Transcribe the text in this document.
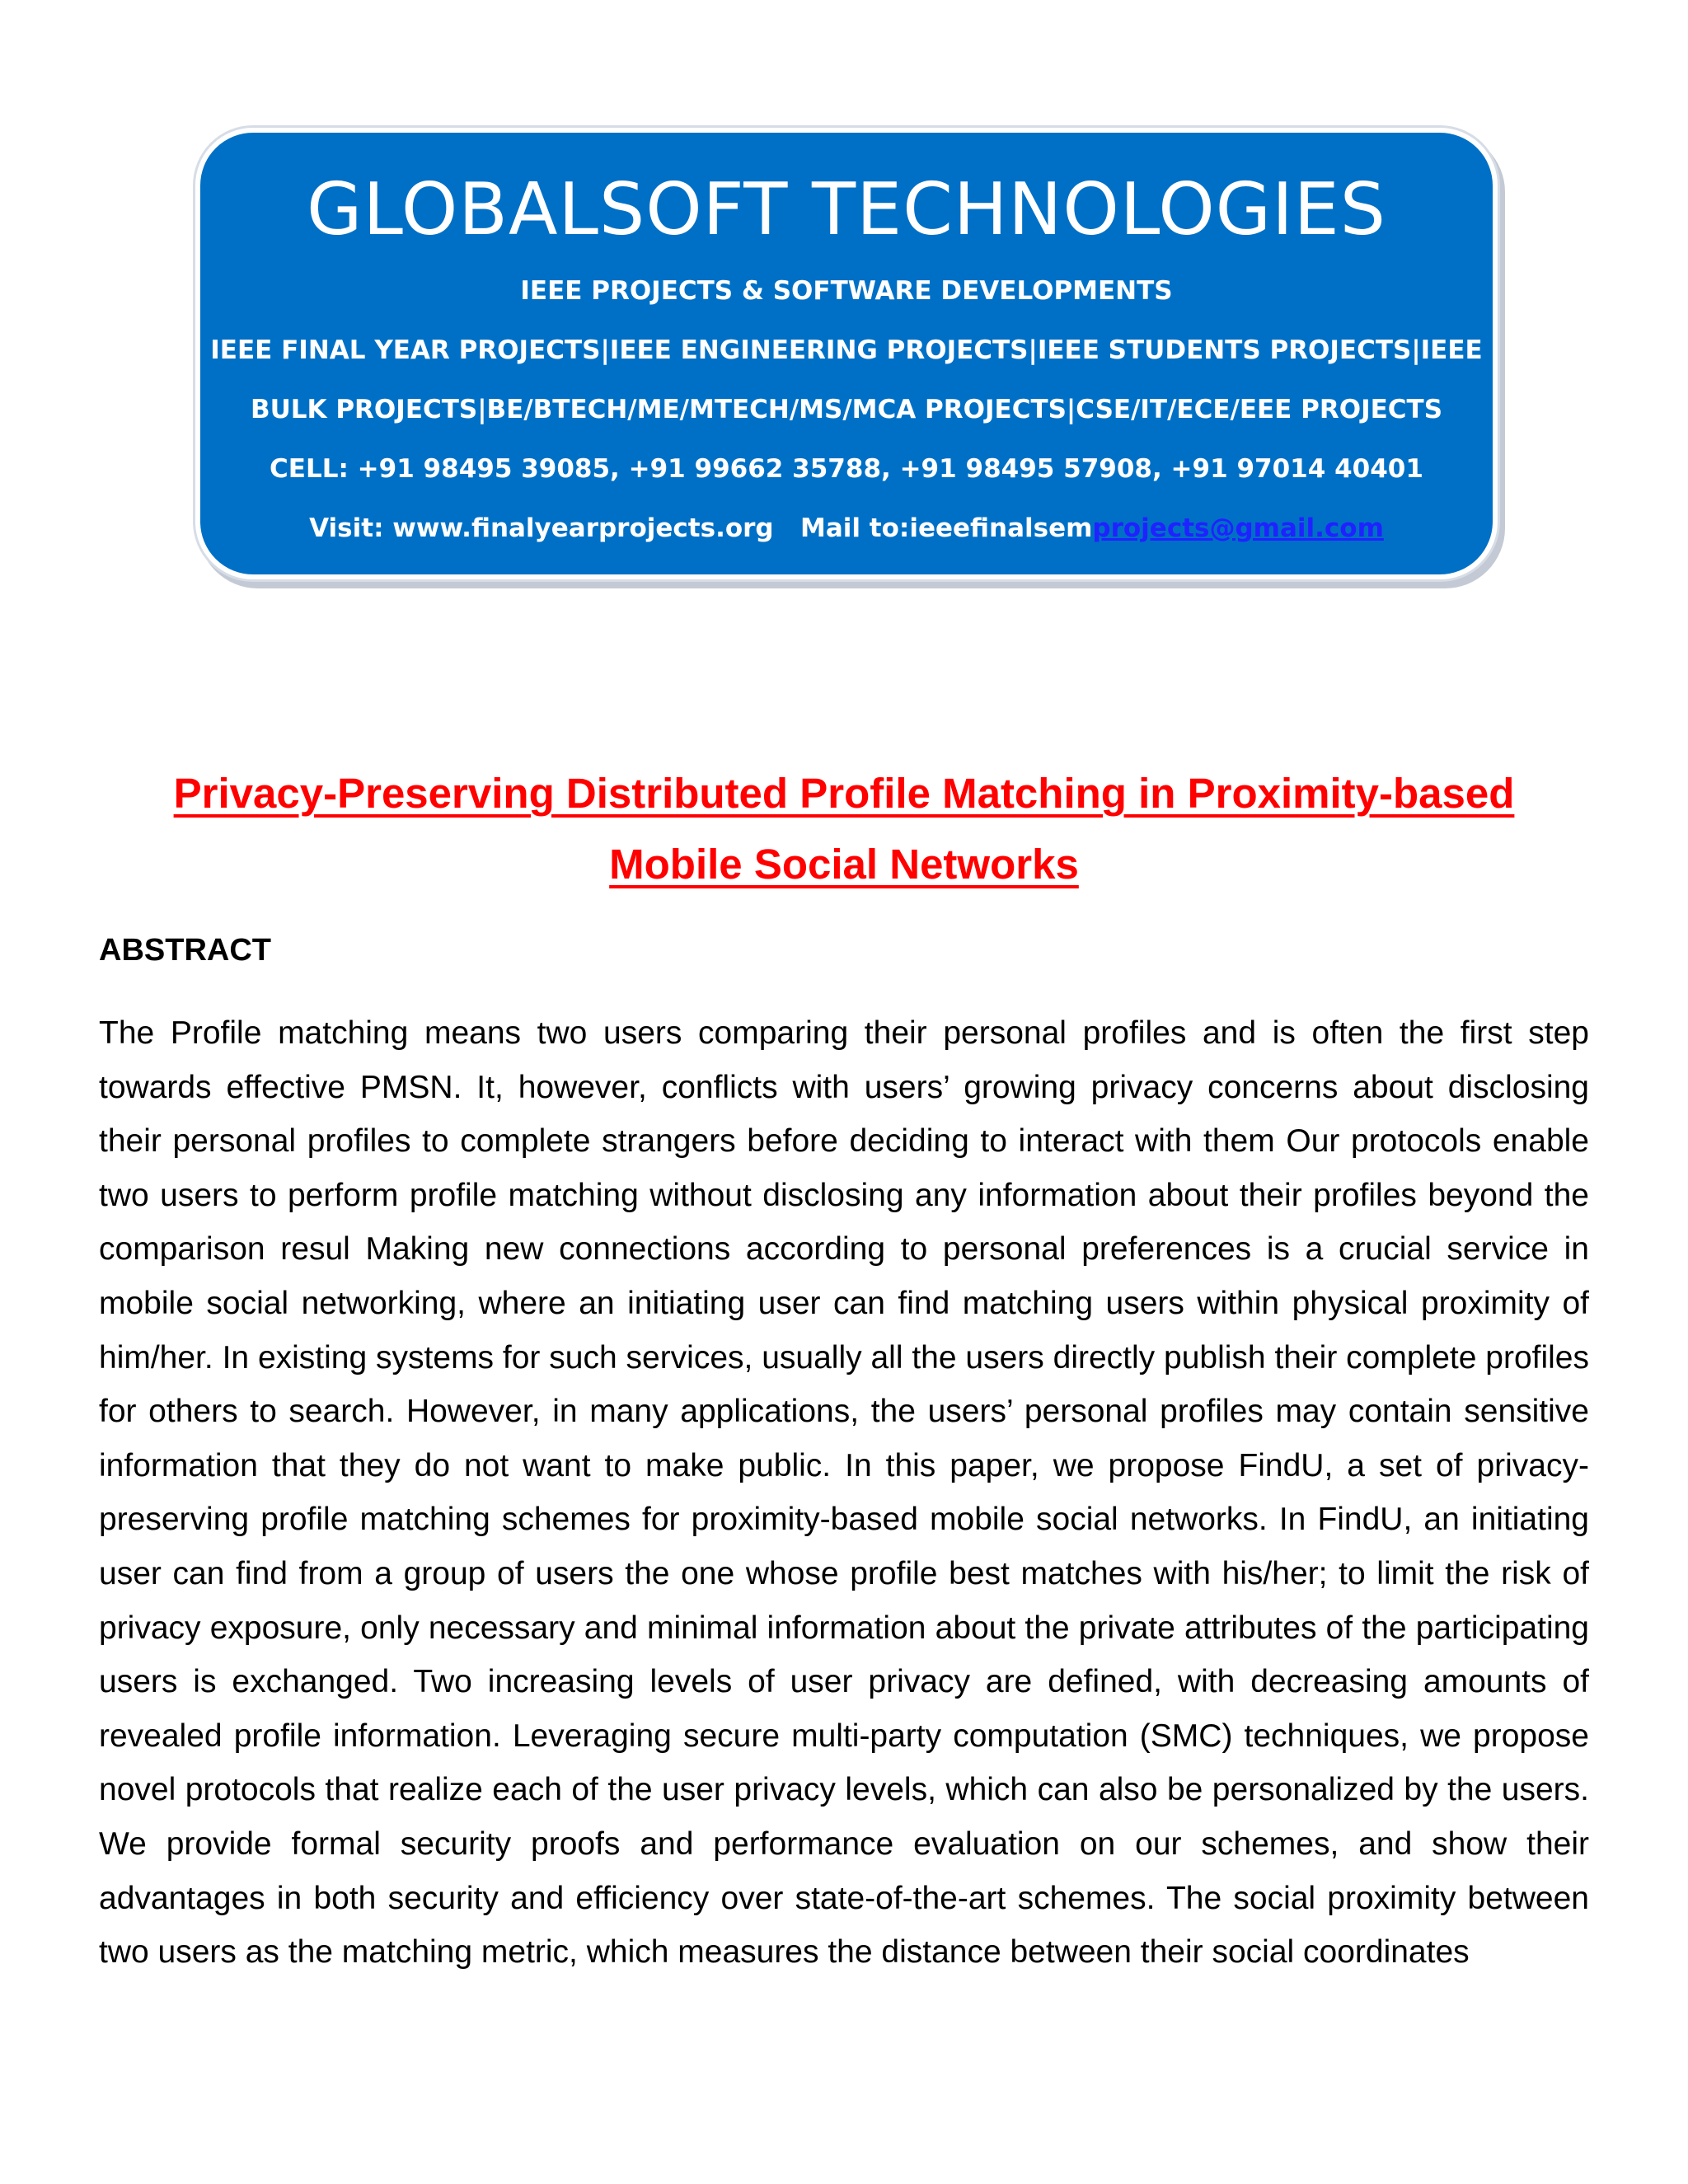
GLOBALSOFT TECHNOLOGIES
IEEE PROJECTS & SOFTWARE DEVELOPMENTS
IEEE FINAL YEAR PROJECTS|IEEE ENGINEERING PROJECTS|IEEE STUDENTS PROJECTS|IEEE
BULK PROJECTS|BE/BTECH/ME/MTECH/MS/MCA PROJECTS|CSE/IT/ECE/EEE PROJECTS
CELL: +91 98495 39085, +91 99662 35788, +91 98495 57908, +91 97014 40401
Visit: www.finalyearprojects.org   Mail to:ieeefinalsemprojects@gmail.com
Privacy-Preserving Distributed Profile Matching in Proximity-based
Mobile Social Networks
ABSTRACT

The Profile matching means two users comparing their personal profiles and is often the first step towards effective PMSN. It, however, conflicts with users’ growing privacy concerns about disclosing their personal profiles to complete strangers before deciding to interact with them Our protocols enable two users to perform profile matching without disclosing any information about their profiles beyond the comparison resul Making new connections according to personal preferences is a crucial service in mobile social networking, where an initiating user can find matching users within physical proximity of him/her. In existing systems for such services, usually all the users directly publish their complete profiles for others to search. However, in many applications, the users’ personal profiles may contain sensitive information that they do not want to make public. In this paper, we propose FindU, a set of privacy-preserving profile matching schemes for proximity-based mobile social networks. In FindU, an initiating user can find from a group of users the one whose profile best matches with his/her; to limit the risk of privacy exposure, only necessary and minimal information about the private attributes of the participating users is exchanged. Two increasing levels of user privacy are defined, with decreasing amounts of revealed profile information. Leveraging secure multi-party computation (SMC) techniques, we propose novel protocols that realize each of the user privacy levels, which can also be personalized by the users. We provide formal security proofs and performance evaluation on our schemes, and show their advantages in both security and efficiency over state-of-the-art schemes. The social proximity between two users as the matching metric, which measures the distance between their social coordinates
